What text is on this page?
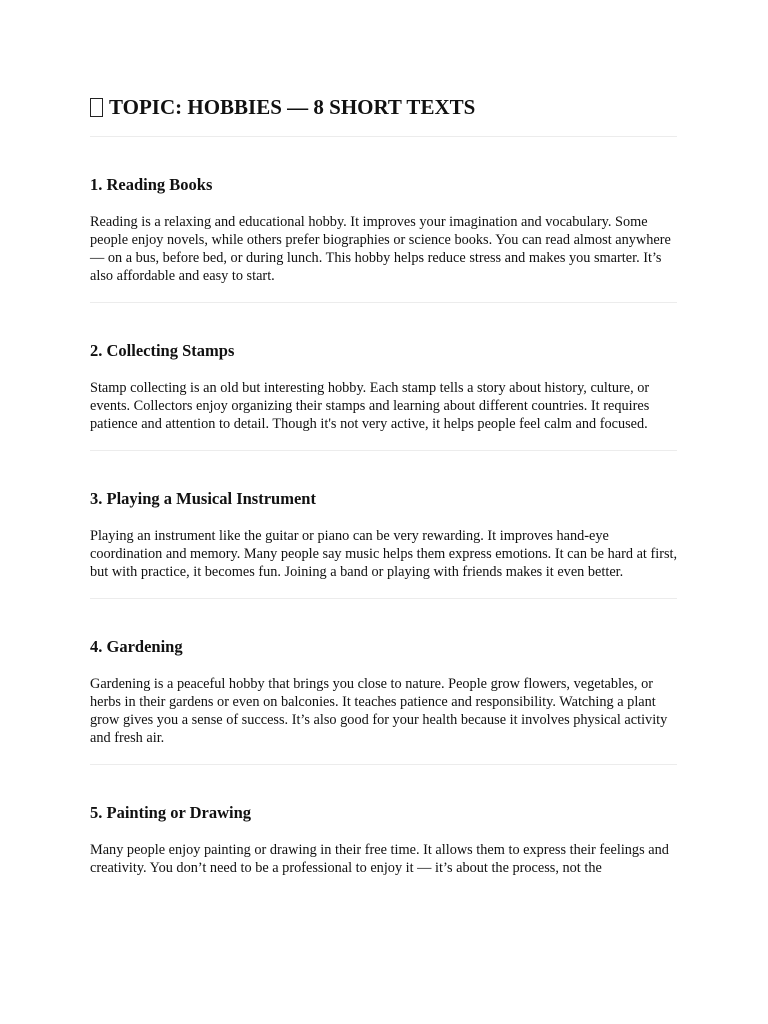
TOPIC: HOBBIES — 8 SHORT TEXTS
1. Reading Books

Reading is a relaxing and educational hobby. It improves your imagination and vocabulary. Some people enjoy novels, while others prefer biographies or science books. You can read almost anywhere — on a bus, before bed, or during lunch. This hobby helps reduce stress and makes you smarter. It’s also affordable and easy to start.

2. Collecting Stamps

Stamp collecting is an old but interesting hobby. Each stamp tells a story about history, culture, or events. Collectors enjoy organizing their stamps and learning about different countries. It requires patience and attention to detail. Though it's not very active, it helps people feel calm and focused.

3. Playing a Musical Instrument

Playing an instrument like the guitar or piano can be very rewarding. It improves hand-eye coordination and memory. Many people say music helps them express emotions. It can be hard at first, but with practice, it becomes fun. Joining a band or playing with friends makes it even better.

4. Gardening

Gardening is a peaceful hobby that brings you close to nature. People grow flowers, vegetables, or herbs in their gardens or even on balconies. It teaches patience and responsibility. Watching a plant grow gives you a sense of success. It’s also good for your health because it involves physical activity and fresh air.

5. Painting or Drawing

Many people enjoy painting or drawing in their free time. It allows them to express their feelings and creativity. You don’t need to be a professional to enjoy it — it’s about the process, not the
